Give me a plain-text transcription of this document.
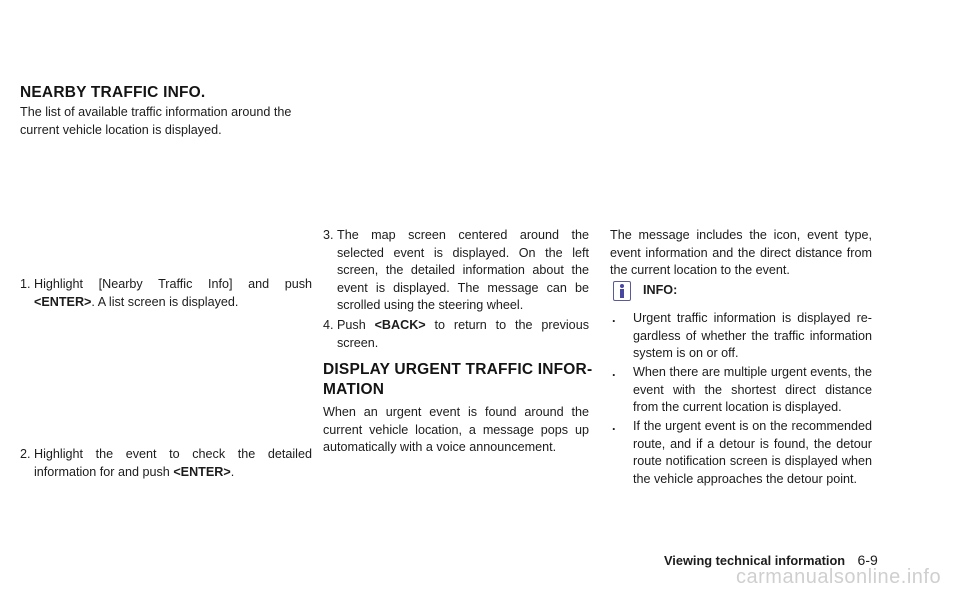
NEARBY TRAFFIC INFO.
The list of available traffic information around the current vehicle location is displayed.
1. Highlight [Nearby Traffic Info] and push <ENTER>. A list screen is displayed.
2. Highlight the event to check the detailed information for and push <ENTER>.
3. The map screen centered around the selected event is displayed. On the left screen, the detailed information about the event is displayed. The message can be scrolled using the steering wheel.
4. Push <BACK> to return to the previous screen.
DISPLAY URGENT TRAFFIC INFOR-
MATION
When an urgent event is found around the current vehicle location, a message pops up automatically with a voice announcement.
The message includes the icon, event type, event information and the direct distance from the current location to the event.
INFO:
.	Urgent traffic information is displayed re-gardless of whether the traffic information system is on or off.
.	When there are multiple urgent events, the event with the shortest direct distance from the current location is displayed.
.	If the urgent event is on the recommended route, and if a detour is found, the detour route notification screen is displayed when the vehicle approaches the detour point.
Viewing technical information 6-9
carmanualsonline.info
